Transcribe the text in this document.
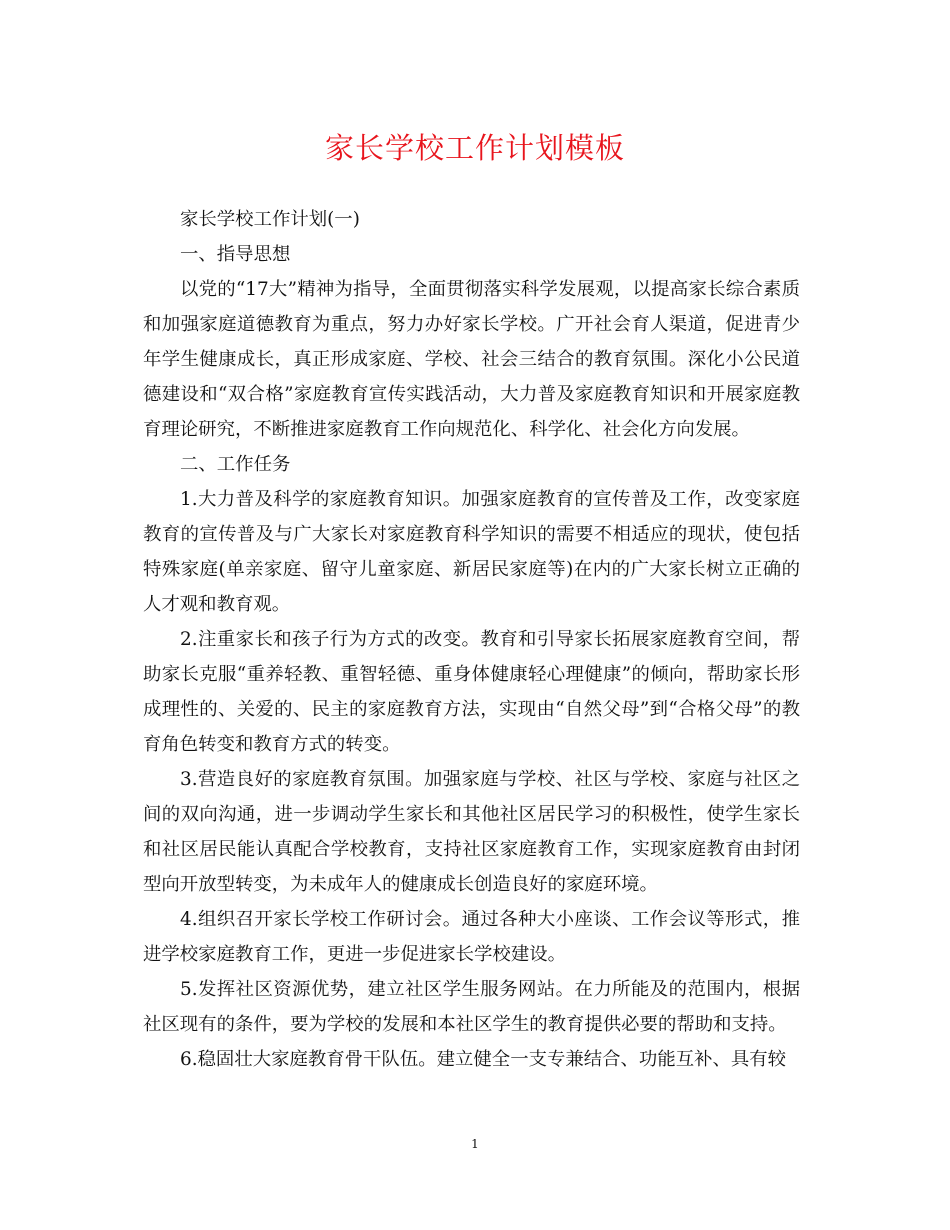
家长学校工作计划模板

家长学校工作计划(一)

一、指导思想

以党的“17大”精神为指导，全面贯彻落实科学发展观，以提高家长综合素质和加强家庭道德教育为重点，努力办好家长学校。广开社会育人渠道，促进青少年学生健康成长，真正形成家庭、学校、社会三结合的教育氛围。深化小公民道德建设和“双合格”家庭教育宣传实践活动，大力普及家庭教育知识和开展家庭教育理论研究，不断推进家庭教育工作向规范化、科学化、社会化方向发展。

二、工作任务

1.大力普及科学的家庭教育知识。加强家庭教育的宣传普及工作，改变家庭教育的宣传普及与广大家长对家庭教育科学知识的需要不相适应的现状，使包括特殊家庭(单亲家庭、留守儿童家庭、新居民家庭等)在内的广大家长树立正确的人才观和教育观。

2.注重家长和孩子行为方式的改变。教育和引导家长拓展家庭教育空间，帮助家长克服“重养轻教、重智轻德、重身体健康轻心理健康”的倾向，帮助家长形成理性的、关爱的、民主的家庭教育方法，实现由“自然父母”到“合格父母”的教育角色转变和教育方式的转变。

3.营造良好的家庭教育氛围。加强家庭与学校、社区与学校、家庭与社区之间的双向沟通，进一步调动学生家长和其他社区居民学习的积极性，使学生家长和社区居民能认真配合学校教育，支持社区家庭教育工作，实现家庭教育由封闭型向开放型转变，为未成年人的健康成长创造良好的家庭环境。

4.组织召开家长学校工作研讨会。通过各种大小座谈、工作会议等形式，推进学校家庭教育工作，更进一步促进家长学校建设。

5.发挥社区资源优势，建立社区学生服务网站。在力所能及的范围内，根据社区现有的条件，要为学校的发展和本社区学生的教育提供必要的帮助和支持。

6.稳固壮大家庭教育骨干队伍。建立健全一支专兼结合、功能互补、具有较

1
